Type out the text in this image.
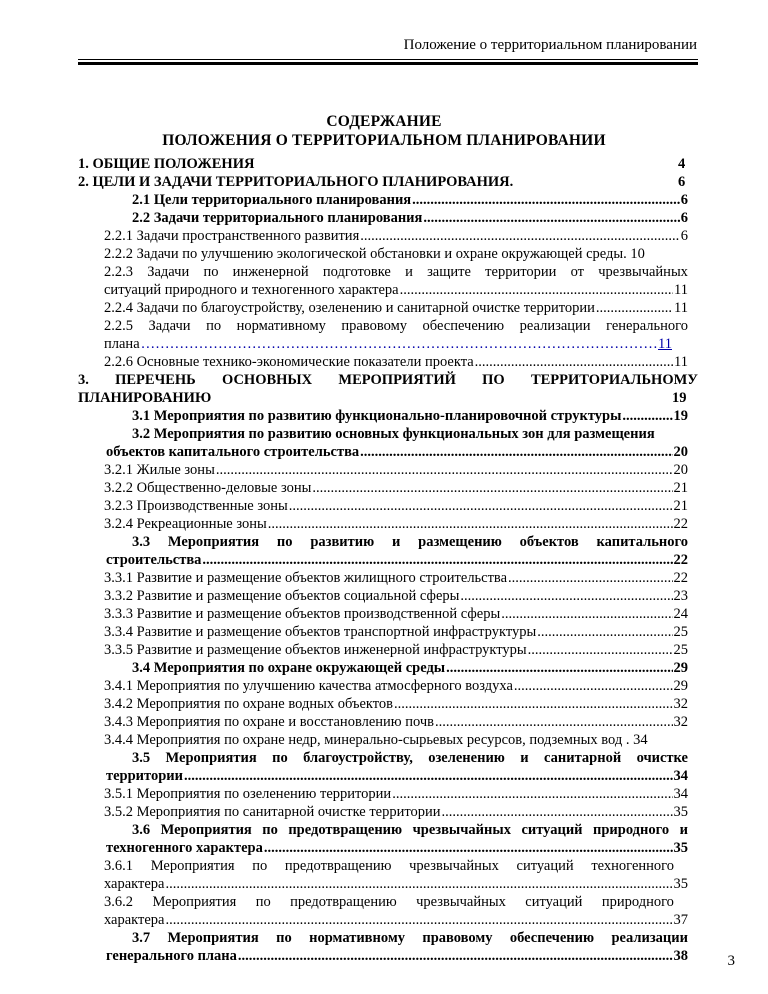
Положение о территориальном планировании
СОДЕРЖАНИЕ
ПОЛОЖЕНИЯ О ТЕРРИТОРИАЛЬНОМ ПЛАНИРОВАНИИ
1. ОБЩИЕ ПОЛОЖЕНИЯ	4
2. ЦЕЛИ И ЗАДАЧИ ТЕРРИТОРИАЛЬНОГО ПЛАНИРОВАНИЯ.	6
2.1 Цели территориального планирования .....	6
2.2 Задачи территориального планирования .....	6
2.2.1 Задачи пространственного развития .....	6
2.2.2 Задачи по улучшению экологической обстановки и охране окружающей среды. 10
2.2.3 Задачи по инженерной подготовке и защите территории от чрезвычайных
ситуаций природного и техногенного характера .....	11
2.2.4 Задачи по благоустройству, озеленению и санитарной очистке территории .....	11
2.2.5 Задачи по нормативному правовому обеспечению реализации генерального
плана ……………………………………………………………………………………………………………………………………………………………………………	11
2.2.6 Основные технико-экономические показатели проекта .....	11
3. ПЕРЕЧЕНЬ ОСНОВНЫХ МЕРОПРИЯТИЙ ПО ТЕРРИТОРИАЛЬНОМУ
ПЛАНИРОВАНИЮ	19
3.1 Мероприятия по развитию функционально-планировочной структуры .....	19
3.2 Мероприятия по развитию основных функциональных зон для размещения
объектов капитального строительства .....	20
3.2.1 Жилые зоны .....	20
3.2.2 Общественно-деловые зоны .....	21
3.2.3 Производственные зоны .....	21
3.2.4 Рекреационные зоны .....	22
3.3 Мероприятия по развитию и размещению объектов капитального
строительства .....	22
3.3.1 Развитие и размещение объектов жилищного строительства .....	22
3.3.2 Развитие и размещение объектов социальной сферы .....	23
3.3.3 Развитие и размещение объектов производственной сферы .....	24
3.3.4 Развитие и размещение объектов транспортной инфраструктуры .....	25
3.3.5 Развитие и размещение объектов инженерной инфраструктуры .....	25
3.4 Мероприятия по охране окружающей среды .....	29
3.4.1 Мероприятия по улучшению качества атмосферного воздуха .....	29
3.4.2 Мероприятия по охране водных объектов .....	32
3.4.3 Мероприятия по охране и восстановлению почв .....	32
3.4.4 Мероприятия по охране недр, минерально-сырьевых ресурсов, подземных вод . 34
3.5 Мероприятия по благоустройству, озеленению и санитарной очистке
территории .....	34
3.5.1 Мероприятия по озеленению территории .....	34
3.5.2 Мероприятия по санитарной очистке территории .....	35
3.6 Мероприятия по предотвращению чрезвычайных ситуаций природного и
техногенного характера .....	35
3.6.1 Мероприятия по предотвращению чрезвычайных ситуаций техногенного
характера .....	35
3.6.2 Мероприятия по предотвращению чрезвычайных ситуаций природного
характера .....	37
3.7 Мероприятия по нормативному правовому обеспечению реализации
генерального плана .....	38	3
